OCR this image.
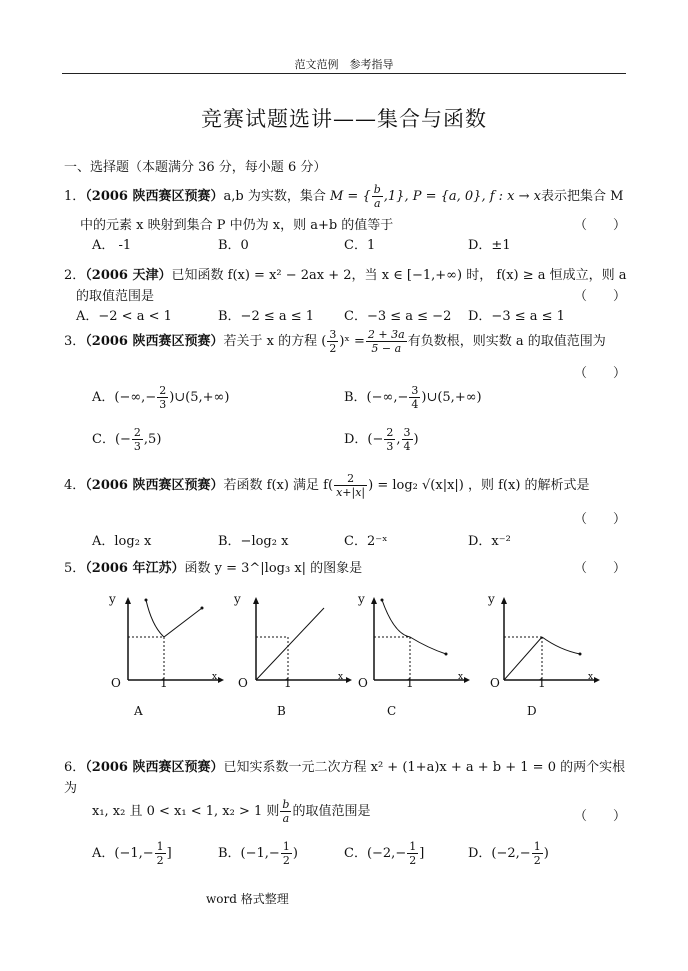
范文范例　参考指导
竞赛试题选讲——集合与函数
一、选择题（本题满分 36 分，每小题 6 分）
1．（2006 陕西赛区预赛）a,b 为实数，集合 M = { $\frac{b}{a} ,1$}, P = {a, 0}, f : x → x表示把集合 M
中的元素 x 映射到集合 P 中仍为 x，则 a+b 的值等于	（　　）
A． -1	B．0	C．1	D．±1
2．（2006 天津）已知函数 f(x) = x² − 2ax + 2，当 x ∈ [−1,+∞) 时， f(x) ≥ a 恒成立，则 a
的取值范围是	（　　）
A．−2 < a < 1	B．−2 ≤ a ≤ 1 C．−3 ≤ a ≤ −2 D．−3 ≤ a ≤ 1
3．（2006 陕西赛区预赛）若关于 x 的方程 ( $\frac{3}{2}$ )ˣ = $\frac{2 + 3a}{5 - a}$ 有负数根，则实数 a 的取值范围为
（　　）
A．(−∞,− $\frac{2}{3}$ )∪(5,+∞)	B．(−∞,− $\frac{3}{4}$ )∪(5,+∞)
C．(− $\frac{2}{3} ,5$)	D．(− $\frac{2}{3}$ , $\frac{3}{4}$ )
4．（2006 陕西赛区预赛）若函数 f(x) 满足 $f( \frac{2}{x+|x|}$ ) = log₂ √(x|x|) ，则 f(x) 的解析式是
（　　）
A．log₂ x	B．−log₂ x	C．2⁻ˣ	D．x⁻²
5．（2006 年江苏）函数 y = 3^|log₃ x| 的图象是	（　　）
y
O	1	x
A
y
O	1	x
B
y
O	1	x
C
y
O	1	x
D
6．（2006 陕西赛区预赛）已知实系数一元二次方程 x² + (1+a)x + a + b + 1 = 0 的两个实根
为
x₁, x₂ 且 0 < x₁ < 1, x₂ > 1 则 $\frac{b}{a}$ 的取值范围是	（　　）
A．($-1,- \frac{1}{2}$ ]	B．($-1,- \frac{1}{2}$ )	C．($-2,- \frac{1}{2}$ ]	D．($-2,- \frac{1}{2}$ )
word 格式整理
